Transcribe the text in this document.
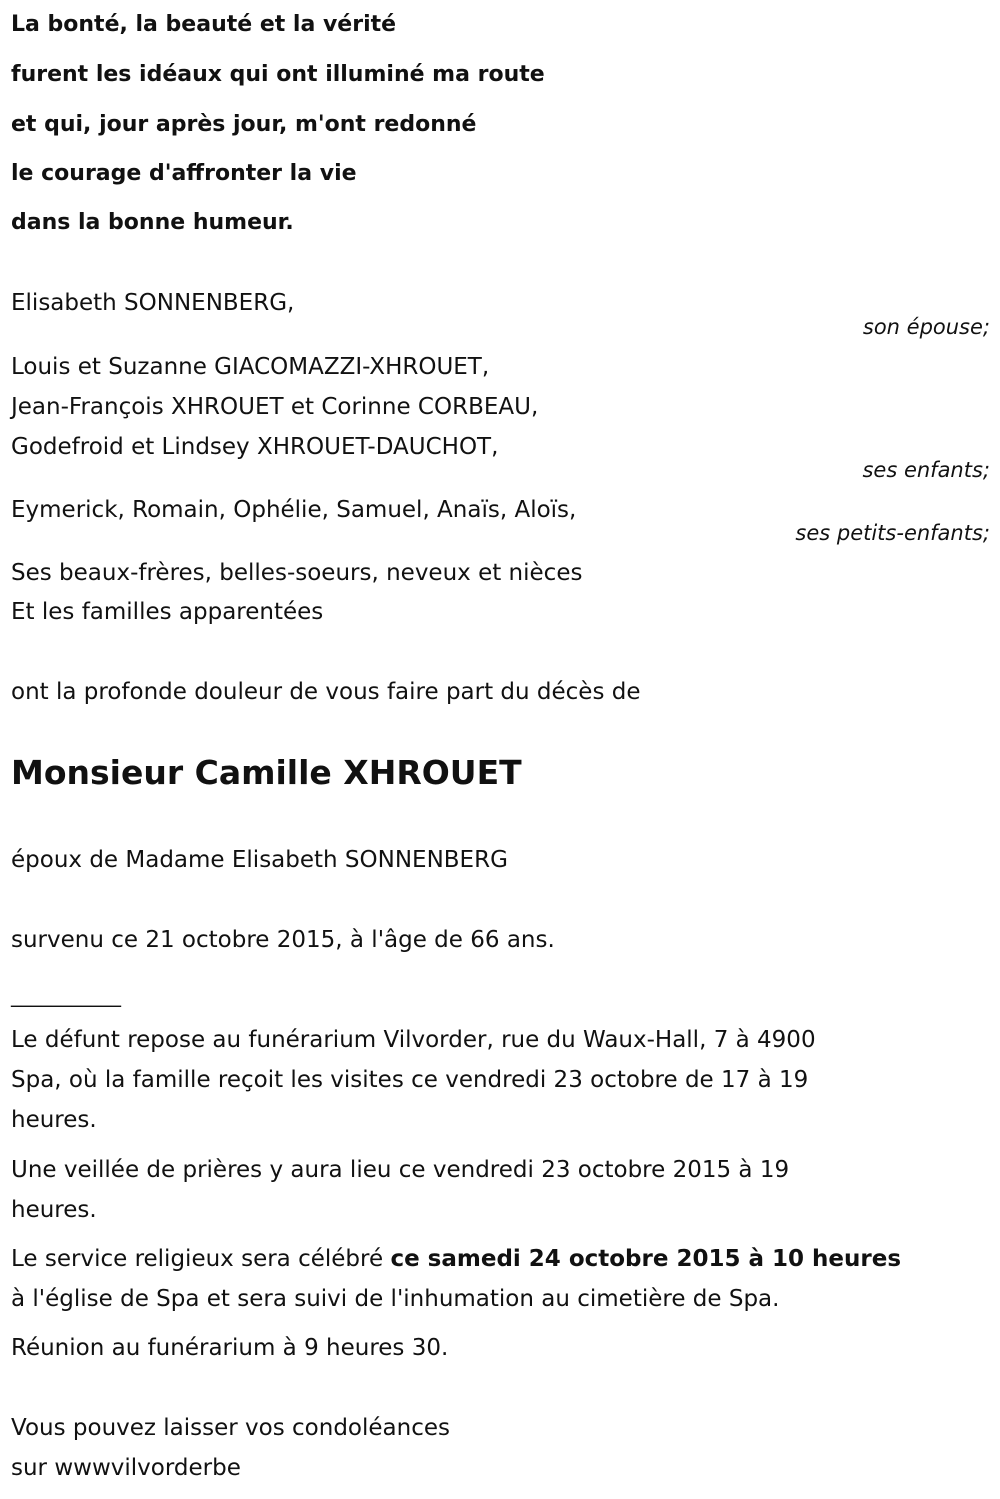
La bonté, la beauté et la vérité
furent les idéaux qui ont illuminé ma route
et qui, jour après jour, m'ont redonné
le courage d'affronter la vie
dans la bonne humeur.
Elisabeth SONNENBERG,
son épouse;
Louis et Suzanne GIACOMAZZI-XHROUET,
Jean-François XHROUET et Corinne CORBEAU,
Godefroid et Lindsey XHROUET-DAUCHOT,
ses enfants;
Eymerick, Romain, Ophélie, Samuel, Anaïs, Aloïs,
ses petits-enfants;
Ses beaux-frères, belles-soeurs, neveux et nièces
Et les familles apparentées
ont la profonde douleur de vous faire part du décès de
Monsieur Camille XHROUET
époux de Madame Elisabeth SONNENBERG
survenu ce 21 octobre 2015, à l'âge de 66 ans.
___________
Le défunt repose au funérarium Vilvorder, rue du Waux-Hall, 7 à 4900
Spa, où la famille reçoit les visites ce vendredi 23 octobre de 17 à 19
heures.
Une veillée de prières y aura lieu ce vendredi 23 octobre 2015 à 19
heures.
Le service religieux sera célébré ce samedi 24 octobre 2015 à 10 heures
à l'église de Spa et sera suivi de l'inhumation au cimetière de Spa.
Réunion au funérarium à 9 heures 30.
Vous pouvez laisser vos condoléances
sur wwwvilvorderbe
